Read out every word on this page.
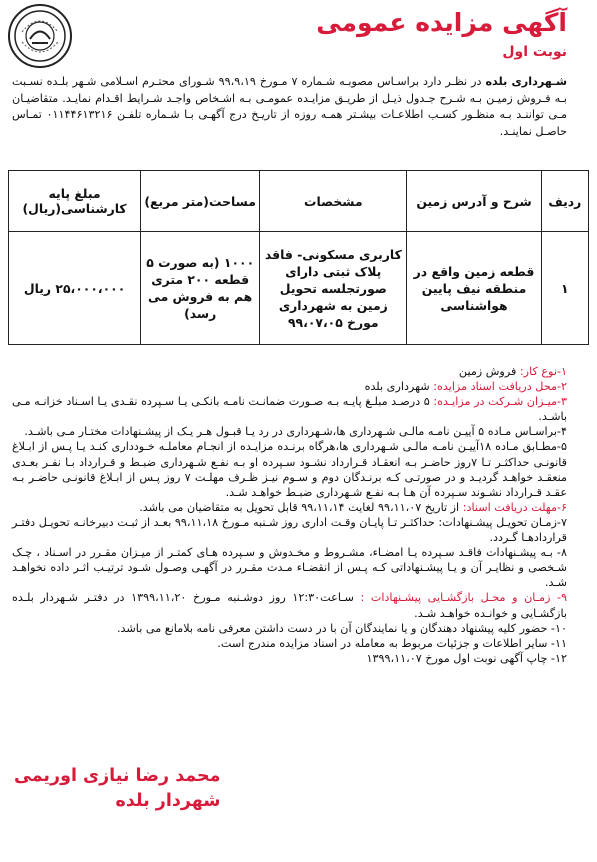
آگهی مزایده عمومی
نوبت اول
شـهرداری بلده در نظـر دارد براسـاس مصوبـه شـماره ۷ مـورخ ۹۹،۹،۱۹ شـورای محتـرم اسـلامی شـهر بلـده نسـبت بـه فـروش زمیـن بـه شـرح جـدول ذیـل از طریـق مزایـده عمومـی بـه اشـخاص واجـد شـرایط اقـدام نمایـد. متقاضیـان مـی تواننـد بـه منظـور کسـب اطلاعـات بیشـتر همـه روزه از تاریـخ درج آگهـی بـا شـماره تلفـن ۰۱۱۴۴۶۱۳۲۱۶ تمـاس حاصـل نماینـد.
ردیف	شرح و آدرس زمین	مشخصات	مساحت(متر مربع)	مبلغ پایه کارشناسی(ریال)
۱	قطعه زمین واقع در منطقه نیف پایین هواشناسی	کاربری مسکونی- فاقد پلاک ثبتی دارای صورتجلسه تحویل زمین به شهرداری مورخ ۹۹،۰۷،۰۵	۱۰۰۰ (به صورت ۵ قطعه ۲۰۰ متری هم به فروش می رسد)	۲۵،۰۰۰،۰۰۰ ریال

۱-نوع کار: فروش زمین

۲-محل دریافت اسناد مزایده: شهرداری بلده

۳-میـزان شـرکت در مزایـده: ۵ درصـد مبلـغ پایـه بـه صـورت ضمانـت نامـه بانکـی یـا سـپرده نقـدی یـا اسـناد خزانـه مـی باشـد.

۴-براسـاس مـاده ۵ آییـن نامـه مالـی شـهرداری ها،شـهرداری در رد یـا قبـول هـر یـک از پیشـنهادات مختـار مـی باشـد.

۵-مطـابق مـاده ۱۸آییـن نامـه مالـی شـهرداری ها،هرگاه برنـده مزایـده از انجـام معاملـه خـودداری کنـد یـا پـس از ابـلاغ قانونـی حداکثـر تـا ۷روز حاضـر بـه انعقـاد قـرارداد نشـود سـپرده او بـه نفـع شـهرداری ضبـط و قـرارداد بـا نفـر بعـدی منعقـد خواهـد گردیـد و در صورتـی کـه برنـدگان دوم و سـوم نیـز ظـرف مهلـت ۷ روز پـس از ابـلاغ قانونـی حاضـر بـه عقـد قـرارداد نشـوند سـپرده آن هـا بـه نفـع شـهرداری ضبـط خواهـد شـد.

۶-مهلت دریافت اسناد: از تاریخ ۹۹،۱۱،۰۷ لغایت ۹۹،۱۱،۱۴ قابل تحویل به متقاضیان می باشد.

۷-زمـان تحویـل پیشـنهادات: حداکثـر تـا پایـان وقـت اداری روز شـنبه مـورخ ۹۹،۱۱،۱۸ بعـد از ثبـت دبیرخانـه تحویـل دفتـر قراردادهـا گـردد.

۸- بـه پیشـنهادات فاقـد سـپرده یـا امضـاء، مشـروط و مخـدوش و سـپرده هـای کمتـر از میـزان مقـرر در اسـناد ، چـک شـخصی و نظایـر آن و یـا پیشـنهاداتی کـه پـس از انقضـاء مـدت مقـرر در آگهـی وصـول شـود ترتیـب اثـر داده نخواهـد شـد.

۹- زمـان و محـل بازگشـایی پیشـنهادات : سـاعت۱۲:۳۰ روز دوشـنبه مـورخ ۱۳۹۹،۱۱،۲۰ در دفتـر شـهردار بلـده بازگشـایی و خوانـده خواهـد شـد.

۱۰- حضور کلیه پیشنهاد دهندگان و یا نمایندگان آن با در دست داشتن معرفی نامه بلامانع می باشد.

۱۱- سایر اطلاعات و جزئیات مربوط به معامله در اسناد مزایده مندرج است.

۱۲- چاپ آگهی نوبت اول مورخ ۱۳۹۹،۱۱،۰۷

محمد رضا نیازی اوریمی
شهردار بلده
